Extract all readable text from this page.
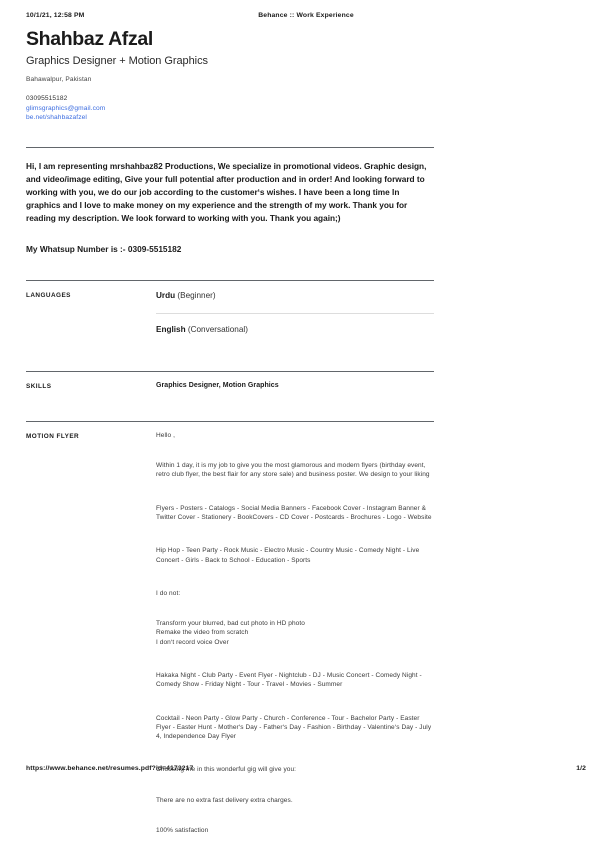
10/1/21, 12:58 PM	Behance :: Work Experience
Shahbaz Afzal
Graphics Designer + Motion Graphics
Bahawalpur, Pakistan
03095515182
glimsgraphics@gmail.com
be.net/shahbazafzel

Hi, I am representing mrshahbaz82 Productions, We specialize in promotional videos. Graphic design, and video/image editing, Give your full potential after production and in order! And looking forward to working with you, we do our job according to the customer‘s wishes. I have been a long time In graphics and I love to make money on my experience and the strength of my work. Thank you for reading my description. We look forward to working with you. Thank you again;)

My Whatsup Number is :- 0309-5515182

LANGUAGES	Urdu (Beginner)
English (Conversational)
SKILLS	Graphics Designer, Motion Graphics
MOTION FLYER	Hello ,

Within 1 day, it is my job to give you the most glamorous and modern flyers (birthday event, retro club flyer, the best flair for any store sale) and business poster. We design to your liking

Flyers - Posters - Catalogs - Social Media Banners - Facebook Cover - Instagram Banner & Twitter Cover - Stationery - BookCovers - CD Cover - Postcards - Brochures - Logo - Website

Hip Hop - Teen Party - Rock Music - Electro Music - Country Music - Comedy Night - Live Concert - Girls - Back to School - Education - Sports

I do not:

Transform your blurred, bad cut photo in HD photo

Remake the video from scratch

I don‘t record voice Over

Hakaka Night - Club Party - Event Flyer - Nightclub - DJ - Music Concert - Comedy Night - Comedy Show - Friday Night - Tour - Travel - Movies - Summer

Cocktail - Neon Party - Glow Party - Church - Conference - Tour - Bachelor Party - Easter Flyer - Easter Hunt - Mother‘s Day - Father‘s Day - Fashion - Birthday - Valentine‘s Day - July 4, Independence Day Flyer

Choosing me in this wonderful gig will give you:

There are no extra fast delivery extra charges.

100% satisfaction

https://www.behance.net/resumes.pdf?id=4173217	1/2
